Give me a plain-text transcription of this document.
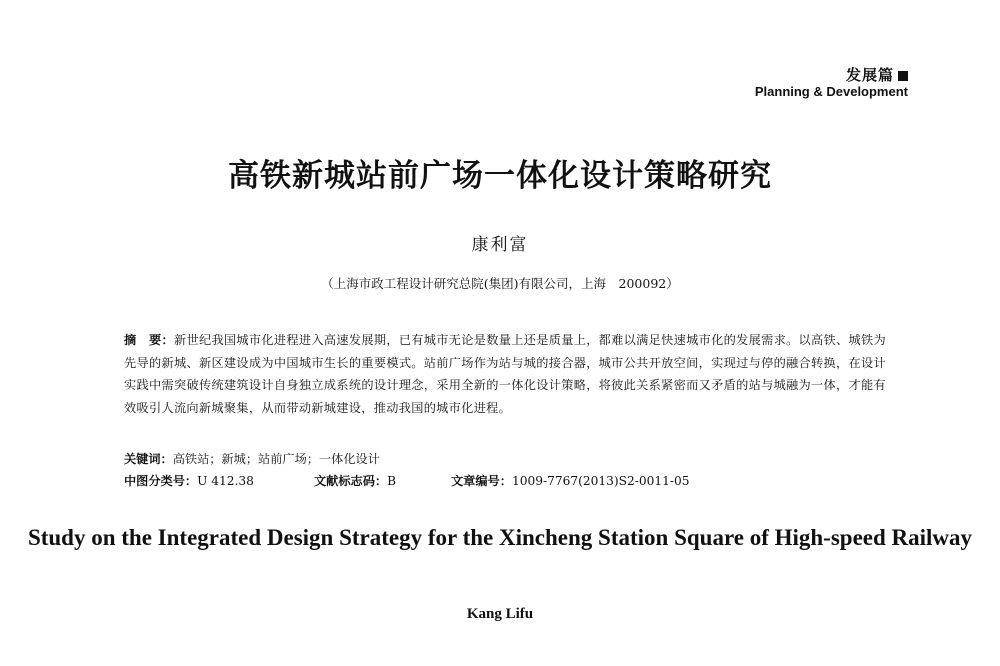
发展篇
Planning & Development
高铁新城站前广场一体化设计策略研究
康利富
（上海市政工程设计研究总院(集团)有限公司，上海　200092）
摘　要：新世纪我国城市化进程进入高速发展期，已有城市无论是数量上还是质量上，都难以满足快速城市化的发展需求。以高铁、城铁为先导的新城、新区建设成为中国城市生长的重要模式。站前广场作为站与城的接合器，城市公共开放空间，实现过与停的融合转换，在设计实践中需突破传统建筑设计自身独立成系统的设计理念，采用全新的一体化设计策略，将彼此关系紧密而又矛盾的站与城融为一体，才能有效吸引人流向新城聚集，从而带动新城建设，推动我国的城市化进程。
关键词：高铁站；新城；站前广场；一体化设计
中图分类号：U 412.38	文献标志码：B	文章编号：1009-7767(2013)S2-0011-05
Study on the Integrated Design Strategy for the Xincheng Station Square of High-speed Railway
Kang Lifu
